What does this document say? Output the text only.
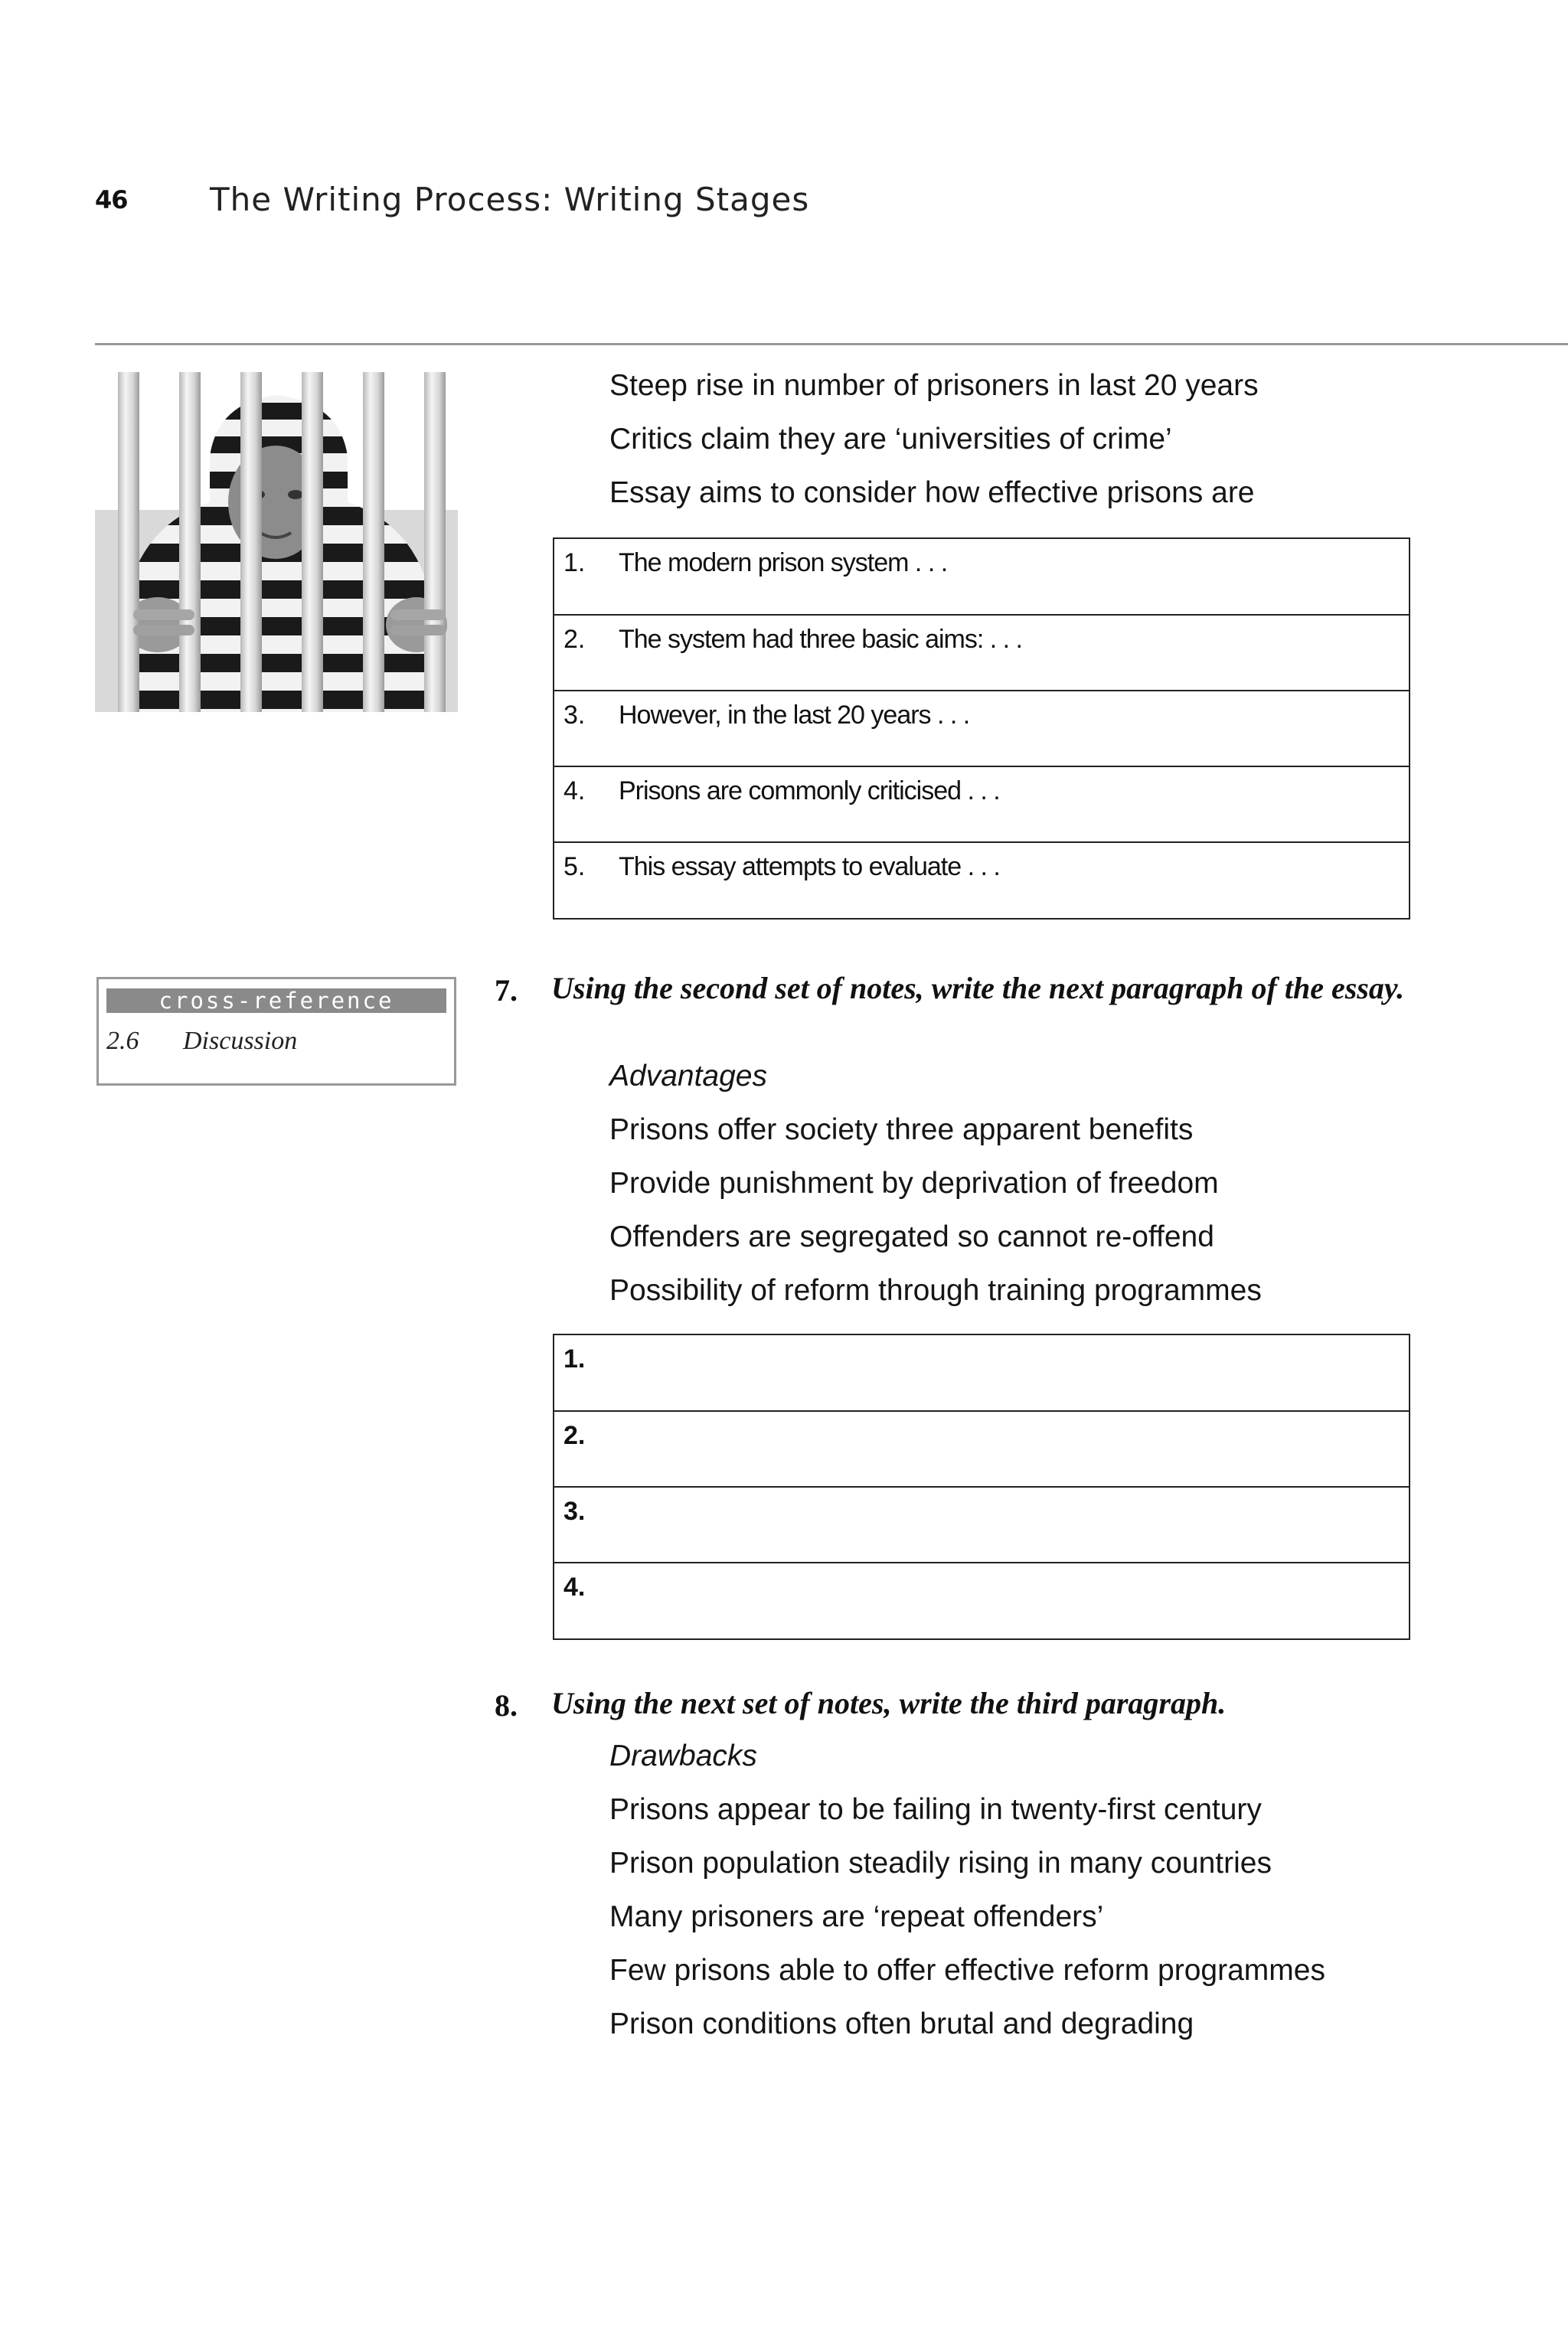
46	The Writing Process: Writing Stages
Steep rise in number of prisoners in last 20 years
Critics claim they are ‘universities of crime’
Essay aims to consider how effective prisons are
1. The modern prison system . . .
2. The system had three basic aims: . . .
3. However, in the last 20 years . . .
4. Prisons are commonly criticised . . .
5. This essay attempts to evaluate . . .
cross-reference
2.6 Discussion
7. Using the second set of notes, write the next paragraph of the essay.
Advantages
Prisons offer society three apparent benefits
Provide punishment by deprivation of freedom
Offenders are segregated so cannot re-offend
Possibility of reform through training programmes
1.
2.
3.
4.
8. Using the next set of notes, write the third paragraph.
Drawbacks
Prisons appear to be failing in twenty-first century
Prison population steadily rising in many countries
Many prisoners are ‘repeat offenders’
Few prisons able to offer effective reform programmes
Prison conditions often brutal and degrading
